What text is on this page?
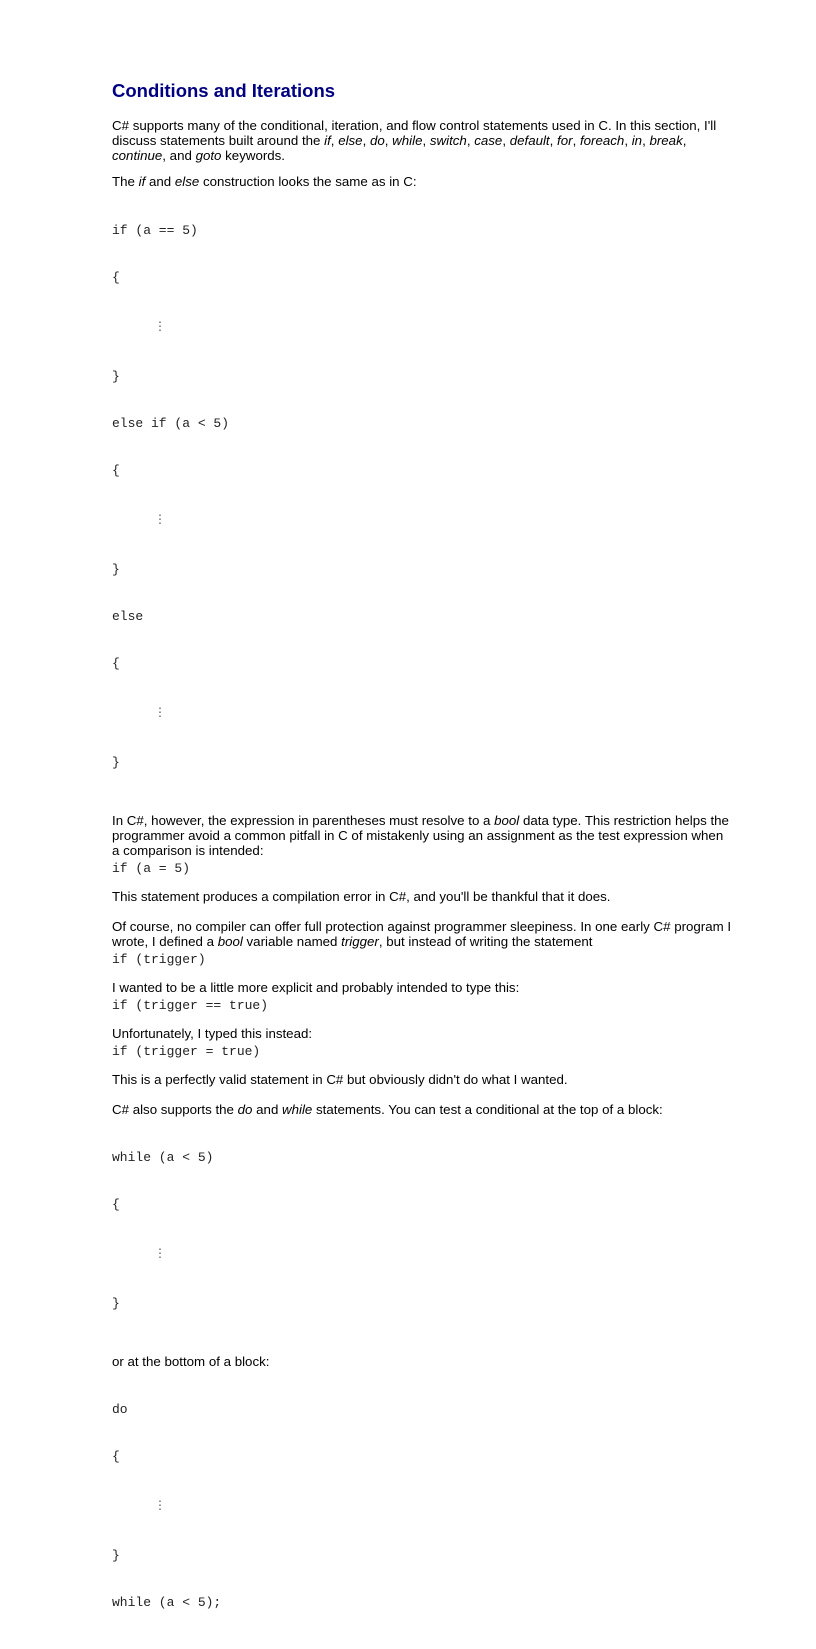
Conditions and Iterations

C# supports many of the conditional, iteration, and flow control statements used in C. In this section, I'll discuss statements built around the if, else, do, while, switch, case, default, for, foreach, in, break, continue, and goto keywords.

The if and else construction looks the same as in C:

if (a == 5)

{

⋮

}

else if (a < 5)

{

⋮

}

else

{

⋮

}

In C#, however, the expression in parentheses must resolve to a bool data type. This restriction helps the programmer avoid a common pitfall in C of mistakenly using an assignment as the test expression when a comparison is intended:

if (a = 5)

This statement produces a compilation error in C#, and you'll be thankful that it does.

Of course, no compiler can offer full protection against programmer sleepiness. In one early C# program I wrote, I defined a bool variable named trigger, but instead of writing the statement

if (trigger)

I wanted to be a little more explicit and probably intended to type this:

if (trigger == true)

Unfortunately, I typed this instead:

if (trigger = true)

This is a perfectly valid statement in C# but obviously didn't do what I wanted.

C# also supports the do and while statements. You can test a conditional at the top of a block:

while (a < 5)

{

⋮

}

or at the bottom of a block:

do

{

⋮

}

while (a < 5);
